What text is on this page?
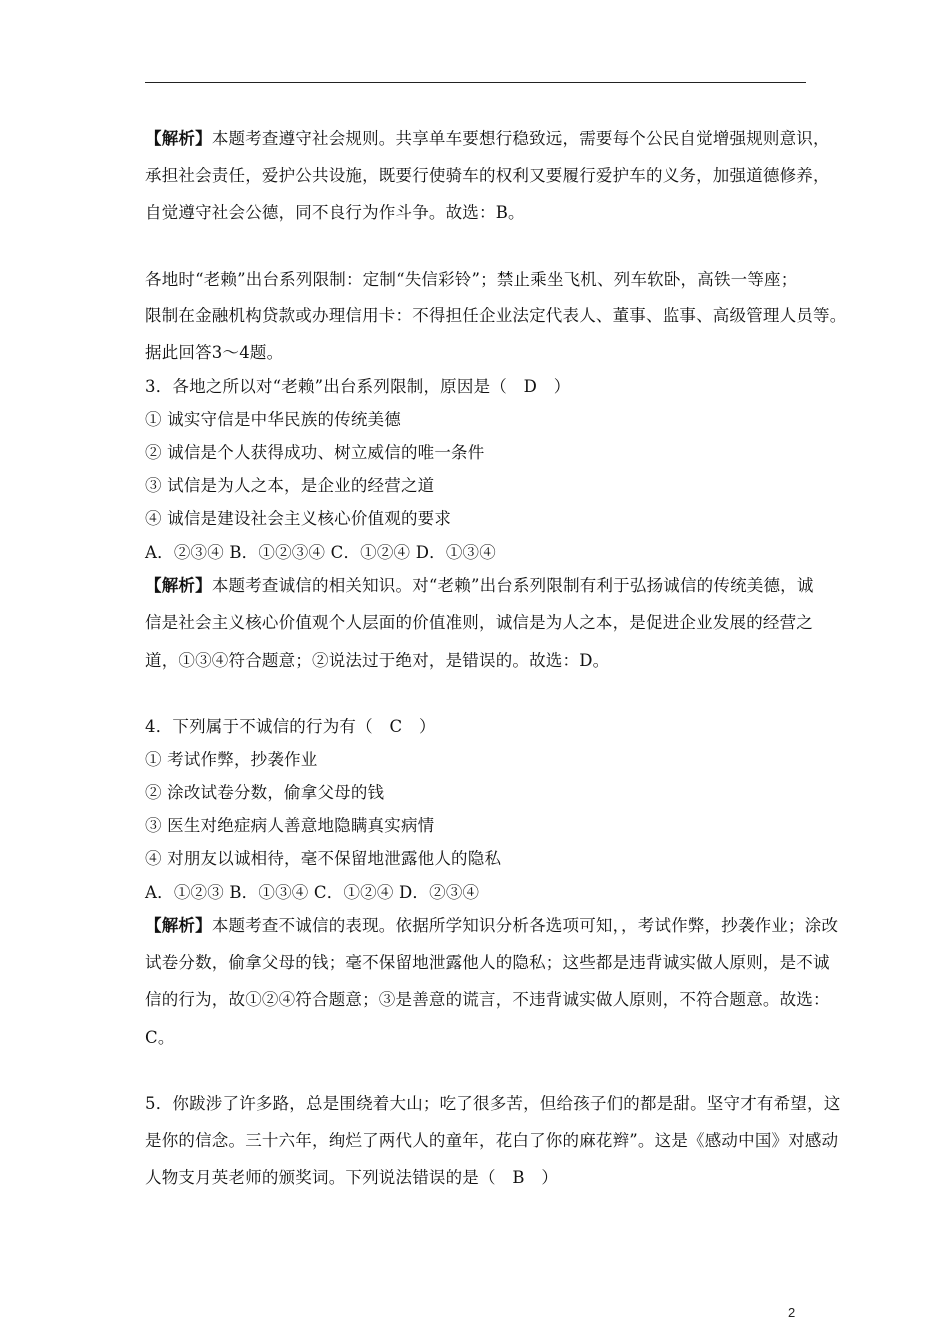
【解析】本题考查遵守社会规则。共享单车要想行稳致远，需要每个公民自觉增强规则意识，
承担社会责任，爱护公共设施，既要行使骑车的权利又要履行爱护车的义务，加强道德修养，
自觉遵守社会公德，同不良行为作斗争。故选：B。
各地时“老赖”出台系列限制：定制“失信彩铃”；禁止乘坐飞机、列车软卧，高铁一等座；
限制在金融机构贷款或办理信用卡：不得担任企业法定代表人、董事、监事、高级管理人员等。
据此回答3～4题。
3．各地之所以对“老赖”出台系列限制，原因是（　D　）
① 诚实守信是中华民族的传统美德
② 诚信是个人获得成功、树立威信的唯一条件
③ 试信是为人之本，是企业的经营之道
④ 诚信是建设社会主义核心价值观的要求
A．②③④ B．①②③④ C．①②④ D．①③④
【解析】本题考查诚信的相关知识。对“老赖”出台系列限制有利于弘扬诚信的传统美德，诚
信是社会主义核心价值观个人层面的价值准则，诚信是为人之本，是促进企业发展的经营之
道，①③④符合题意；②说法过于绝对，是错误的。故选：D。
4．下列属于不诚信的行为有（　C　）
① 考试作弊，抄袭作业
② 涂改试卷分数，偷拿父母的钱
③ 医生对绝症病人善意地隐瞒真实病情
④ 对朋友以诚相待，毫不保留地泄露他人的隐私
A．①②③ B．①③④ C．①②④ D．②③④
【解析】本题考查不诚信的表现。依据所学知识分析各选项可知，，考试作弊，抄袭作业；涂改
试卷分数，偷拿父母的钱；毫不保留地泄露他人的隐私；这些都是违背诚实做人原则，是不诚
信的行为，故①②④符合题意；③是善意的谎言，不违背诚实做人原则，不符合题意。故选：
C。
5．你跋涉了许多路，总是围绕着大山；吃了很多苦，但给孩子们的都是甜。坚守才有希望，这
是你的信念。三十六年，绚烂了两代人的童年，花白了你的麻花辫”。这是《感动中国》对感动
人物支月英老师的颁奖词。下列说法错误的是（　B　）
2
